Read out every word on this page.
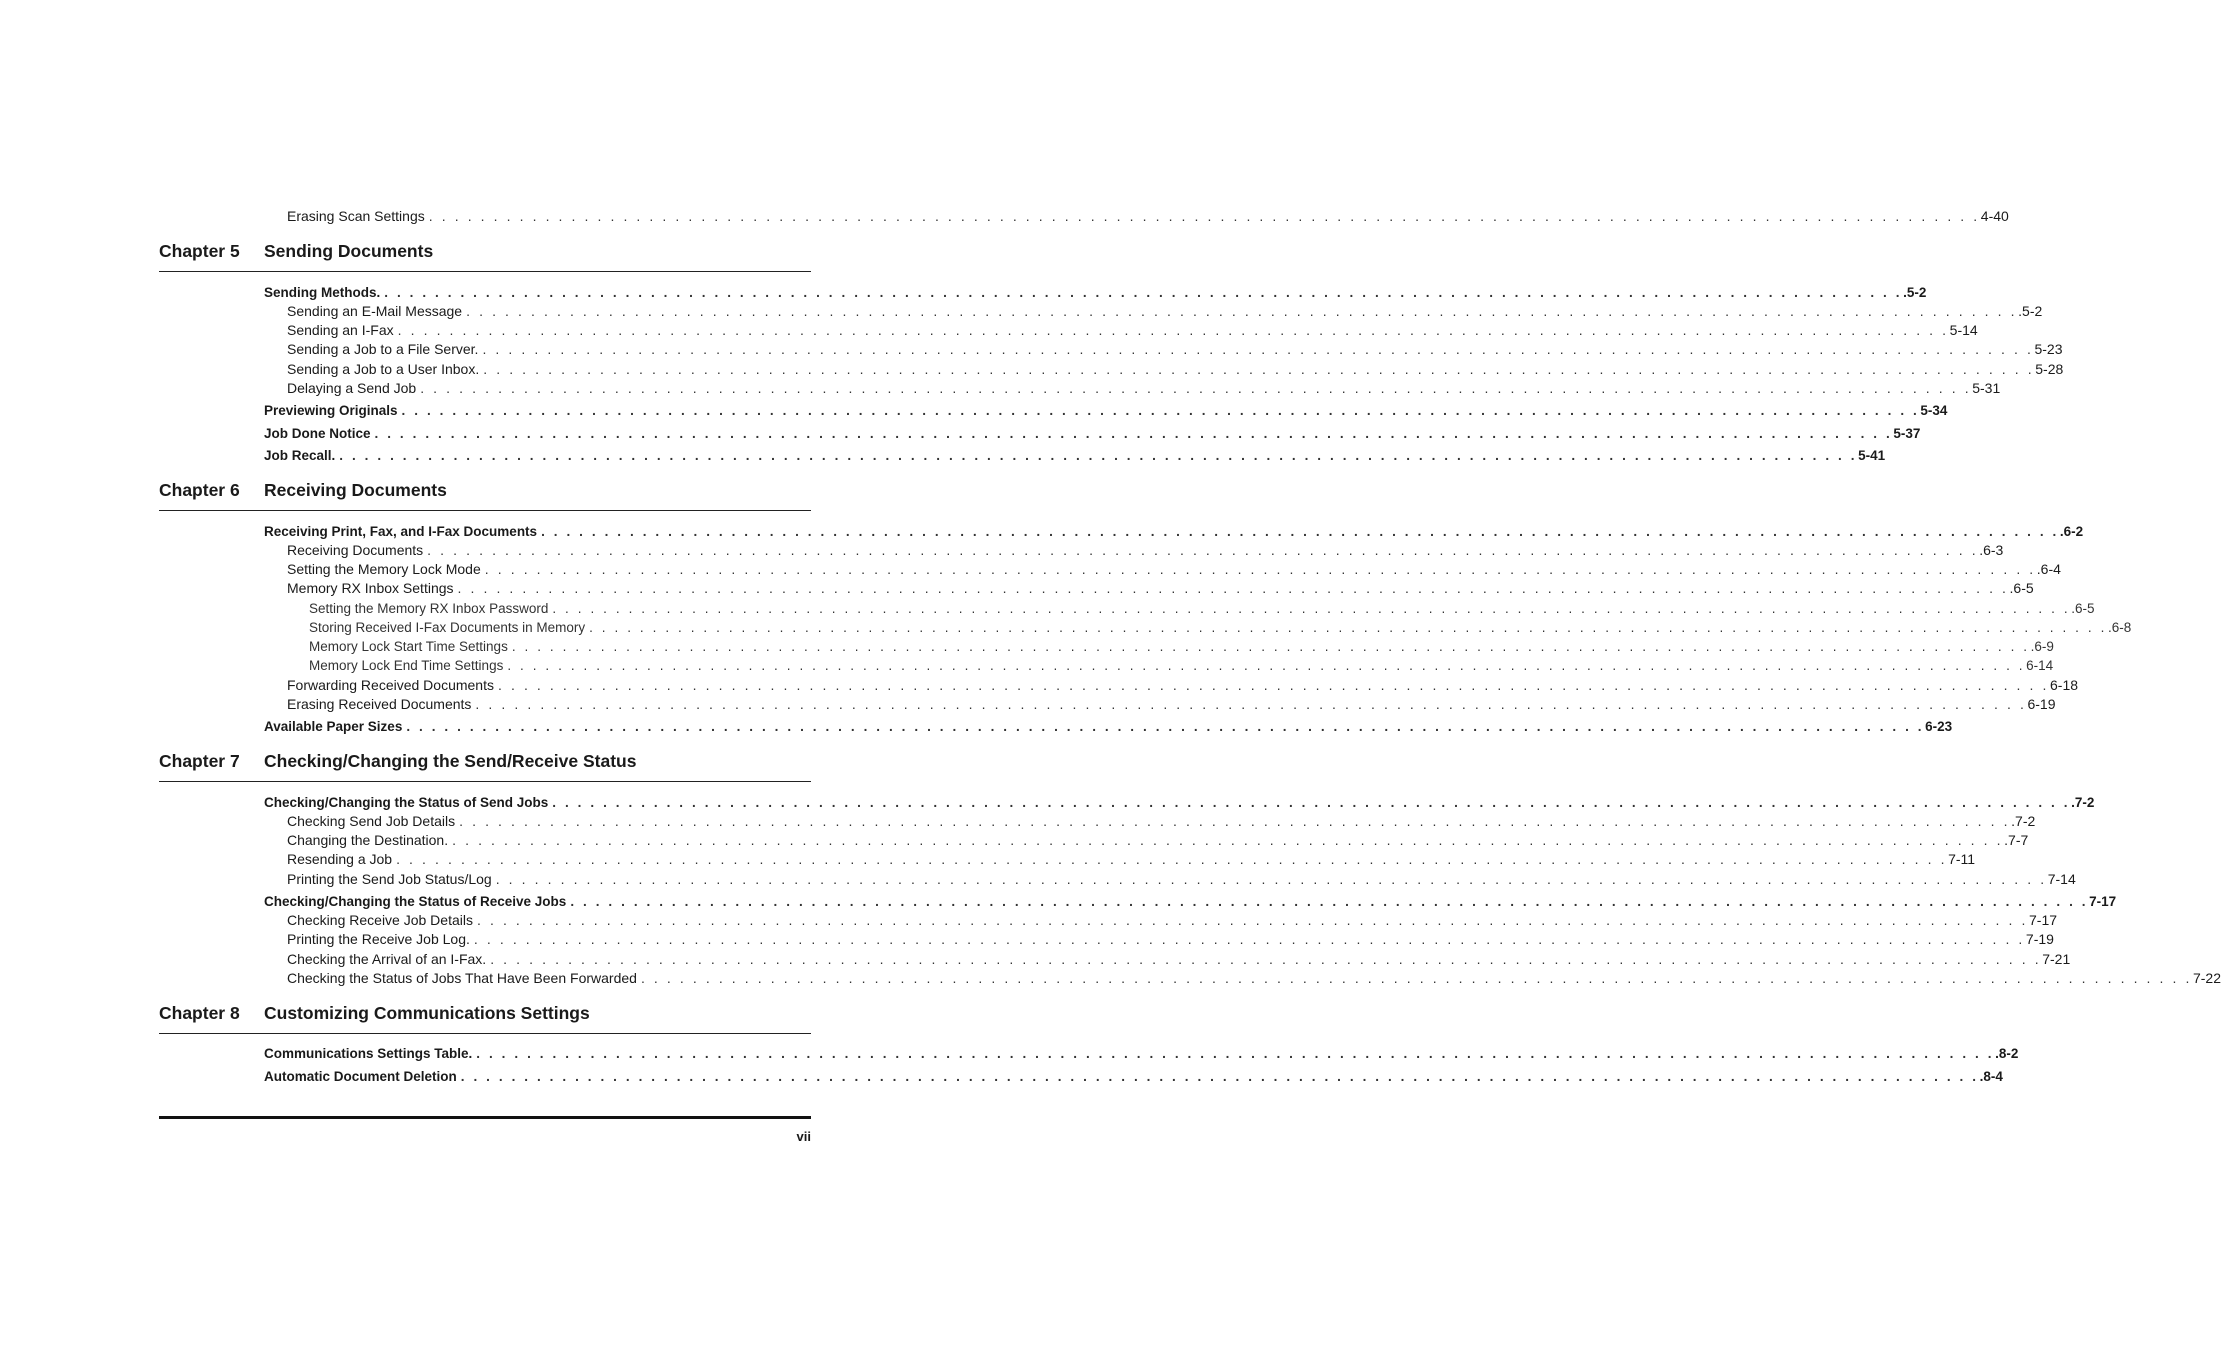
Erasing Scan Settings . . . . . . . . . . . . . . . . . . . . . . . . . . . . . . . . . . . . . . . . . . . . . . . . . . . . . . . . . . . . . . . . . . . . . . . . . . . . . . . . . . . . . . . . . . . . . . . . . . . . . . . . . . . . . . . . . . . . . . . . 4-40
Chapter 5 Sending Documents
Sending Methods. . . . . . . . . . . . . . . . . . . . . . . . . . . . . . . . . . . . . . . . . . . . . . . . . . . . . . . . . . . . . . . . . . . . . . . . . . . . . . . . . . . . . . . . . . . . . . . . . . . . . . . . . . . . . . . . . . . . . . . . . .5-2
Sending an E-Mail Message . . . . . . . . . . . . . . . . . . . . . . . . . . . . . . . . . . . . . . . . . . . . . . . . . . . . . . . . . . . . . . . . . . . . . . . . . . . . . . . . . . . . . . . . . . . . . . . . . . . . . . . . . . . . . . . . . . . . . . . . .5-2
Sending an I-Fax . . . . . . . . . . . . . . . . . . . . . . . . . . . . . . . . . . . . . . . . . . . . . . . . . . . . . . . . . . . . . . . . . . . . . . . . . . . . . . . . . . . . . . . . . . . . . . . . . . . . . . . . . . . . . . . . . . . . . . . . 5-14
Sending a Job to a File Server. . . . . . . . . . . . . . . . . . . . . . . . . . . . . . . . . . . . . . . . . . . . . . . . . . . . . . . . . . . . . . . . . . . . . . . . . . . . . . . . . . . . . . . . . . . . . . . . . . . . . . . . . . . . . . . . . . . . . . . . . 5-23
Sending a Job to a User Inbox. . . . . . . . . . . . . . . . . . . . . . . . . . . . . . . . . . . . . . . . . . . . . . . . . . . . . . . . . . . . . . . . . . . . . . . . . . . . . . . . . . . . . . . . . . . . . . . . . . . . . . . . . . . . . . . . . . . . . . . . . 5-28
Delaying a Send Job . . . . . . . . . . . . . . . . . . . . . . . . . . . . . . . . . . . . . . . . . . . . . . . . . . . . . . . . . . . . . . . . . . . . . . . . . . . . . . . . . . . . . . . . . . . . . . . . . . . . . . . . . . . . . . . . . . . . . . . . 5-31
Previewing Originals . . . . . . . . . . . . . . . . . . . . . . . . . . . . . . . . . . . . . . . . . . . . . . . . . . . . . . . . . . . . . . . . . . . . . . . . . . . . . . . . . . . . . . . . . . . . . . . . . . . . . . . . . . . . . . . . . . . . . . . . 5-34
Job Done Notice . . . . . . . . . . . . . . . . . . . . . . . . . . . . . . . . . . . . . . . . . . . . . . . . . . . . . . . . . . . . . . . . . . . . . . . . . . . . . . . . . . . . . . . . . . . . . . . . . . . . . . . . . . . . . . . . . . . . . . . . 5-37
Job Recall. . . . . . . . . . . . . . . . . . . . . . . . . . . . . . . . . . . . . . . . . . . . . . . . . . . . . . . . . . . . . . . . . . . . . . . . . . . . . . . . . . . . . . . . . . . . . . . . . . . . . . . . . . . . . . . . . . . . . . . . . 5-41
Chapter 6 Receiving Documents
Receiving Print, Fax, and I-Fax Documents . . . . . . . . . . . . . . . . . . . . . . . . . . . . . . . . . . . . . . . . . . . . . . . . . . . . . . . . . . . . . . . . . . . . . . . . . . . . . . . . . . . . . . . . . . . . . . . . . . . . . . . . . . . . . . . . . . . . . . . . .6-2
Receiving Documents . . . . . . . . . . . . . . . . . . . . . . . . . . . . . . . . . . . . . . . . . . . . . . . . . . . . . . . . . . . . . . . . . . . . . . . . . . . . . . . . . . . . . . . . . . . . . . . . . . . . . . . . . . . . . . . . . . . . . . . . .6-3
Setting the Memory Lock Mode . . . . . . . . . . . . . . . . . . . . . . . . . . . . . . . . . . . . . . . . . . . . . . . . . . . . . . . . . . . . . . . . . . . . . . . . . . . . . . . . . . . . . . . . . . . . . . . . . . . . . . . . . . . . . . . . . . . . . . . . .6-4
Memory RX Inbox Settings . . . . . . . . . . . . . . . . . . . . . . . . . . . . . . . . . . . . . . . . . . . . . . . . . . . . . . . . . . . . . . . . . . . . . . . . . . . . . . . . . . . . . . . . . . . . . . . . . . . . . . . . . . . . . . . . . . . . . . . . .6-5
Setting the Memory RX Inbox Password . . . . . . . . . . . . . . . . . . . . . . . . . . . . . . . . . . . . . . . . . . . . . . . . . . . . . . . . . . . . . . . . . . . . . . . . . . . . . . . . . . . . . . . . . . . . . . . . . . . . . . . . . . . . . . . . . . . . . . . . .6-5
Storing Received I-Fax Documents in Memory . . . . . . . . . . . . . . . . . . . . . . . . . . . . . . . . . . . . . . . . . . . . . . . . . . . . . . . . . . . . . . . . . . . . . . . . . . . . . . . . . . . . . . . . . . . . . . . . . . . . . . . . . . . . . . . . . . . . . . . . .6-8
Memory Lock Start Time Settings . . . . . . . . . . . . . . . . . . . . . . . . . . . . . . . . . . . . . . . . . . . . . . . . . . . . . . . . . . . . . . . . . . . . . . . . . . . . . . . . . . . . . . . . . . . . . . . . . . . . . . . . . . . . . . . . . . . . . . . . .6-9
Memory Lock End Time Settings . . . . . . . . . . . . . . . . . . . . . . . . . . . . . . . . . . . . . . . . . . . . . . . . . . . . . . . . . . . . . . . . . . . . . . . . . . . . . . . . . . . . . . . . . . . . . . . . . . . . . . . . . . . . . . . . . . . . . . . . 6-14
Forwarding Received Documents . . . . . . . . . . . . . . . . . . . . . . . . . . . . . . . . . . . . . . . . . . . . . . . . . . . . . . . . . . . . . . . . . . . . . . . . . . . . . . . . . . . . . . . . . . . . . . . . . . . . . . . . . . . . . . . . . . . . . . . . 6-18
Erasing Received Documents . . . . . . . . . . . . . . . . . . . . . . . . . . . . . . . . . . . . . . . . . . . . . . . . . . . . . . . . . . . . . . . . . . . . . . . . . . . . . . . . . . . . . . . . . . . . . . . . . . . . . . . . . . . . . . . . . . . . . . . . 6-19
Available Paper Sizes . . . . . . . . . . . . . . . . . . . . . . . . . . . . . . . . . . . . . . . . . . . . . . . . . . . . . . . . . . . . . . . . . . . . . . . . . . . . . . . . . . . . . . . . . . . . . . . . . . . . . . . . . . . . . . . . . . . . . . . . 6-23
Chapter 7 Checking/Changing the Send/Receive Status
Checking/Changing the Status of Send Jobs . . . . . . . . . . . . . . . . . . . . . . . . . . . . . . . . . . . . . . . . . . . . . . . . . . . . . . . . . . . . . . . . . . . . . . . . . . . . . . . . . . . . . . . . . . . . . . . . . . . . . . . . . . . . . . . . . . . . . . . . .7-2
Checking Send Job Details . . . . . . . . . . . . . . . . . . . . . . . . . . . . . . . . . . . . . . . . . . . . . . . . . . . . . . . . . . . . . . . . . . . . . . . . . . . . . . . . . . . . . . . . . . . . . . . . . . . . . . . . . . . . . . . . . . . . . . . . .7-2
Changing the Destination. . . . . . . . . . . . . . . . . . . . . . . . . . . . . . . . . . . . . . . . . . . . . . . . . . . . . . . . . . . . . . . . . . . . . . . . . . . . . . . . . . . . . . . . . . . . . . . . . . . . . . . . . . . . . . . . . . . . . . . . . .7-7
Resending a Job . . . . . . . . . . . . . . . . . . . . . . . . . . . . . . . . . . . . . . . . . . . . . . . . . . . . . . . . . . . . . . . . . . . . . . . . . . . . . . . . . . . . . . . . . . . . . . . . . . . . . . . . . . . . . . . . . . . . . . . . 7-11
Printing the Send Job Status/Log . . . . . . . . . . . . . . . . . . . . . . . . . . . . . . . . . . . . . . . . . . . . . . . . . . . . . . . . . . . . . . . . . . . . . . . . . . . . . . . . . . . . . . . . . . . . . . . . . . . . . . . . . . . . . . . . . . . . . . . . 7-14
Checking/Changing the Status of Receive Jobs . . . . . . . . . . . . . . . . . . . . . . . . . . . . . . . . . . . . . . . . . . . . . . . . . . . . . . . . . . . . . . . . . . . . . . . . . . . . . . . . . . . . . . . . . . . . . . . . . . . . . . . . . . . . . . . . . . . . . . . . 7-17
Checking Receive Job Details . . . . . . . . . . . . . . . . . . . . . . . . . . . . . . . . . . . . . . . . . . . . . . . . . . . . . . . . . . . . . . . . . . . . . . . . . . . . . . . . . . . . . . . . . . . . . . . . . . . . . . . . . . . . . . . . . . . . . . . . 7-17
Printing the Receive Job Log. . . . . . . . . . . . . . . . . . . . . . . . . . . . . . . . . . . . . . . . . . . . . . . . . . . . . . . . . . . . . . . . . . . . . . . . . . . . . . . . . . . . . . . . . . . . . . . . . . . . . . . . . . . . . . . . . . . . . . . . . 7-19
Checking the Arrival of an I-Fax. . . . . . . . . . . . . . . . . . . . . . . . . . . . . . . . . . . . . . . . . . . . . . . . . . . . . . . . . . . . . . . . . . . . . . . . . . . . . . . . . . . . . . . . . . . . . . . . . . . . . . . . . . . . . . . . . . . . . . . . . 7-21
Checking the Status of Jobs That Have Been Forwarded . . . . . . . . . . . . . . . . . . . . . . . . . . . . . . . . . . . . . . . . . . . . . . . . . . . . . . . . . . . . . . . . . . . . . . . . . . . . . . . . . . . . . . . . . . . . . . . . . . . . . . . . . . . . . . . . . . . . . . . . 7-22
Chapter 8 Customizing Communications Settings
Communications Settings Table. . . . . . . . . . . . . . . . . . . . . . . . . . . . . . . . . . . . . . . . . . . . . . . . . . . . . . . . . . . . . . . . . . . . . . . . . . . . . . . . . . . . . . . . . . . . . . . . . . . . . . . . . . . . . . . . . . . . . . . . . .8-2
Automatic Document Deletion . . . . . . . . . . . . . . . . . . . . . . . . . . . . . . . . . . . . . . . . . . . . . . . . . . . . . . . . . . . . . . . . . . . . . . . . . . . . . . . . . . . . . . . . . . . . . . . . . . . . . . . . . . . . . . . . . . . . . . . . .8-4
vii
